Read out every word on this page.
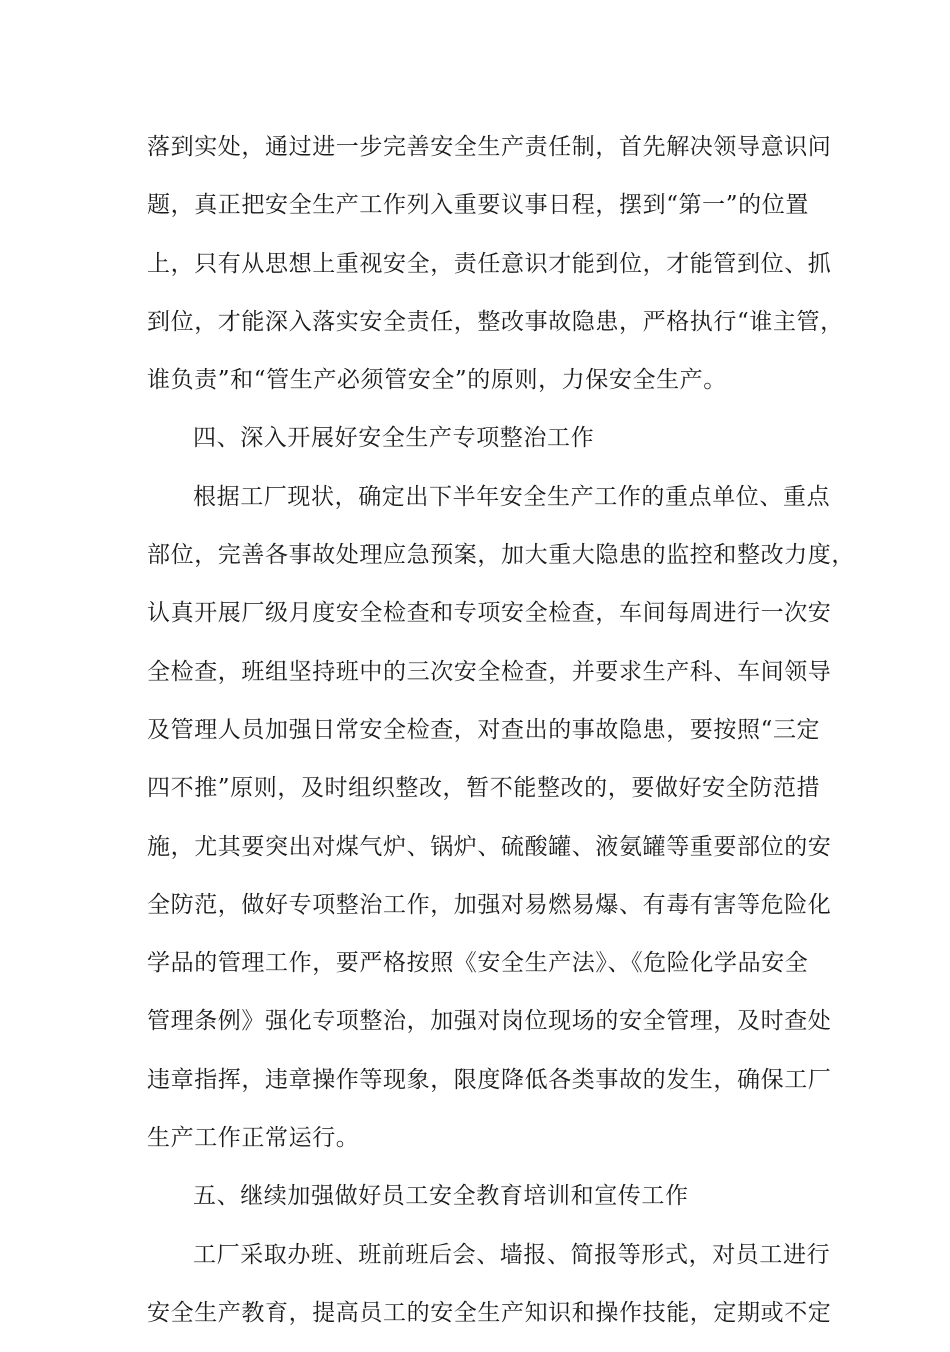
落到实处，通过进一步完善安全生产责任制，首先解决领导意识问
题，真正把安全生产工作列入重要议事日程，摆到“第一”的位置
上，只有从思想上重视安全，责任意识才能到位，才能管到位、抓
到位，才能深入落实安全责任，整改事故隐患，严格执行“谁主管，
谁负责”和“管生产必须管安全”的原则，力保安全生产。
四、深入开展好安全生产专项整治工作
根据工厂现状，确定出下半年安全生产工作的重点单位、重点
部位，完善各事故处理应急预案，加大重大隐患的监控和整改力度，
认真开展厂级月度安全检查和专项安全检查，车间每周进行一次安
全检查，班组坚持班中的三次安全检查，并要求生产科、车间领导
及管理人员加强日常安全检查，对查出的事故隐患，要按照“三定
四不推”原则，及时组织整改，暂不能整改的，要做好安全防范措
施，尤其要突出对煤气炉、锅炉、硫酸罐、液氨罐等重要部位的安
全防范，做好专项整治工作，加强对易燃易爆、有毒有害等危险化
学品的管理工作，要严格按照《安全生产法》、《危险化学品安全
管理条例》强化专项整治，加强对岗位现场的安全管理，及时查处
违章指挥，违章操作等现象，限度降低各类事故的发生，确保工厂
生产工作正常运行。
五、继续加强做好员工安全教育培训和宣传工作
工厂采取办班、班前班后会、墙报、简报等形式，对员工进行
安全生产教育，提高员工的安全生产知识和操作技能，定期或不定
